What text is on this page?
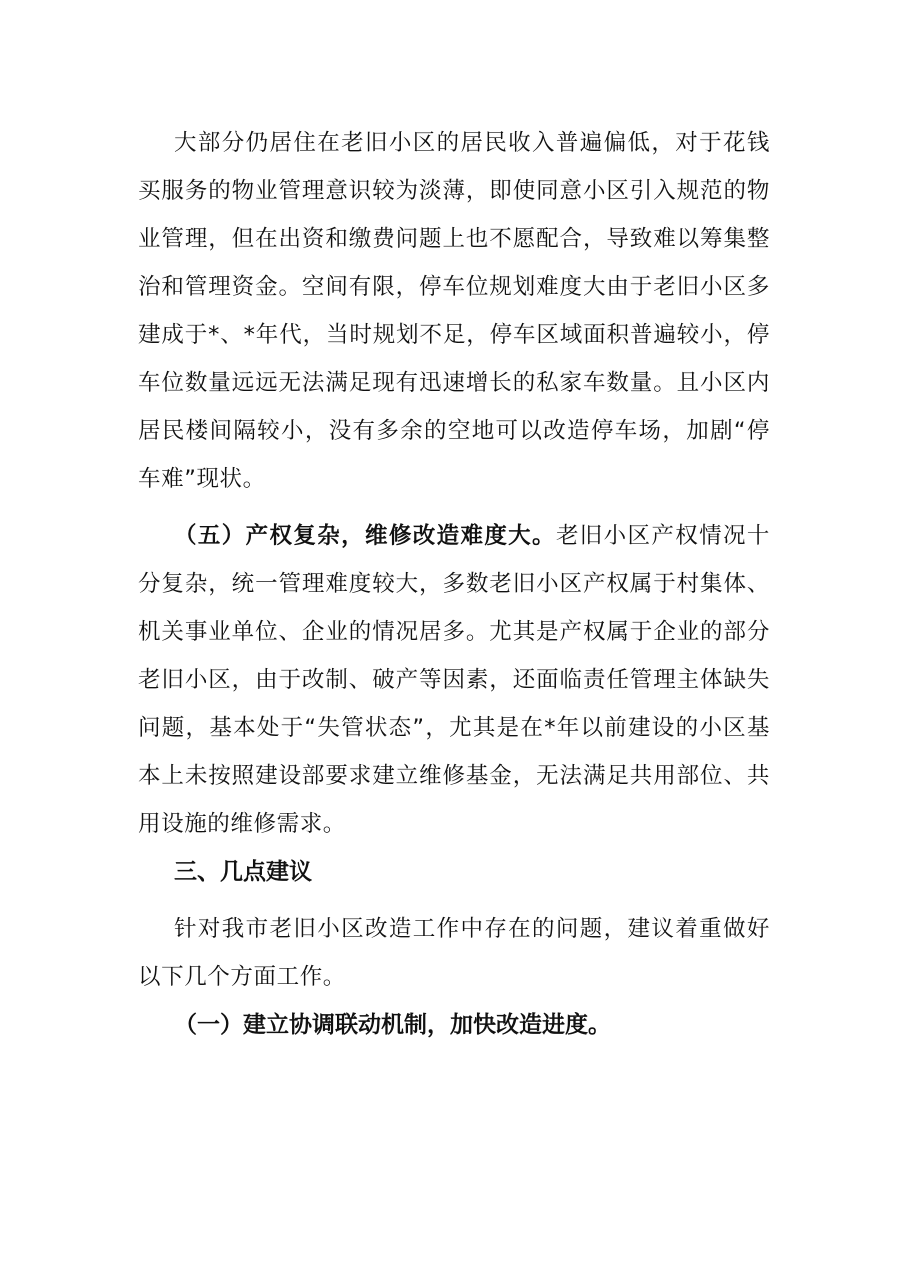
大部分仍居住在老旧小区的居民收入普遍偏低，对于花钱买服务的物业管理意识较为淡薄，即使同意小区引入规范的物业管理，但在出资和缴费问题上也不愿配合，导致难以筹集整治和管理资金。空间有限，停车位规划难度大由于老旧小区多建成于*、*年代，当时规划不足，停车区域面积普遍较小，停车位数量远远无法满足现有迅速增长的私家车数量。且小区内居民楼间隔较小，没有多余的空地可以改造停车场，加剧“停车难”现状。

（五）产权复杂，维修改造难度大。老旧小区产权情况十分复杂，统一管理难度较大，多数老旧小区产权属于村集体、机关事业单位、企业的情况居多。尤其是产权属于企业的部分老旧小区，由于改制、破产等因素，还面临责任管理主体缺失问题，基本处于“失管状态”，尤其是在*年以前建设的小区基本上未按照建设部要求建立维修基金，无法满足共用部位、共用设施的维修需求。

三、几点建议

针对我市老旧小区改造工作中存在的问题，建议着重做好以下几个方面工作。

（一）建立协调联动机制，加快改造进度。
